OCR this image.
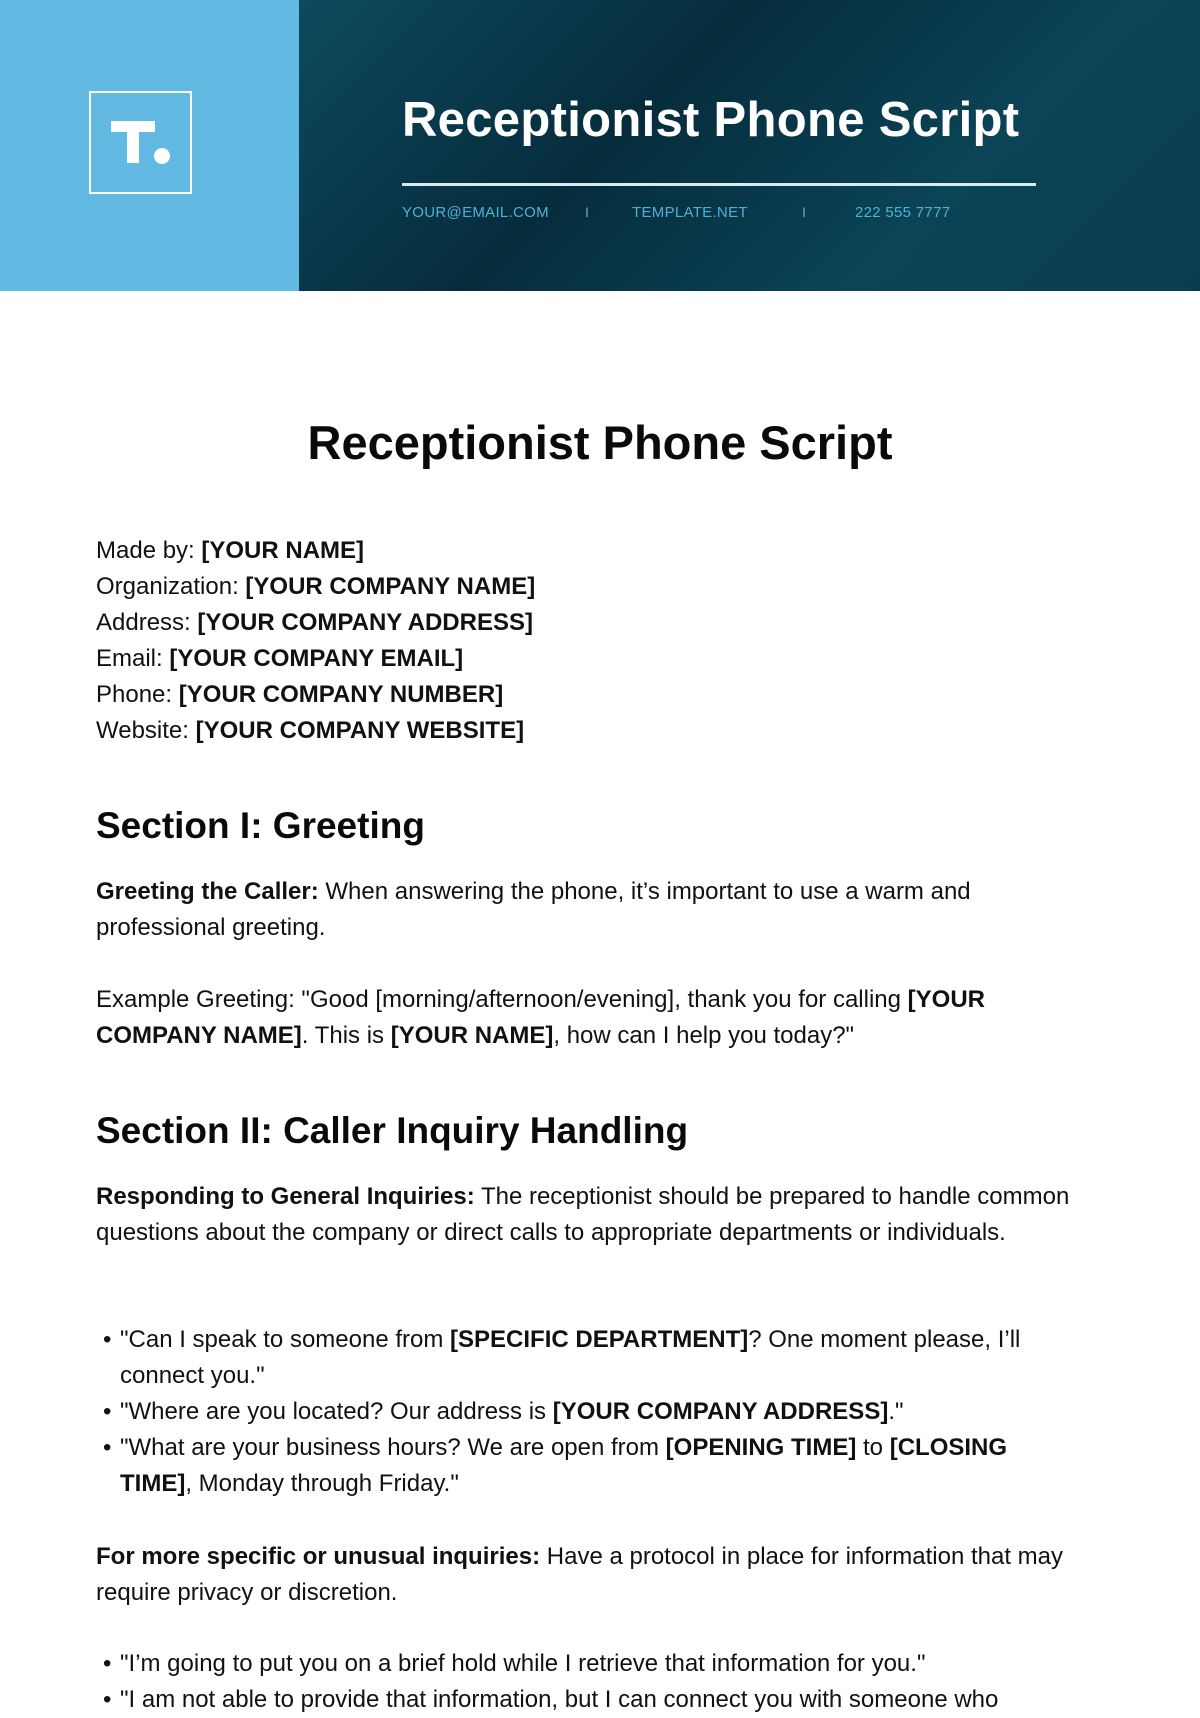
Receptionist Phone Script
YOUR@EMAIL.COM	I	TEMPLATE.NET	I	222 555 7777
Receptionist Phone Script
Made by: [YOUR NAME]
Organization: [YOUR COMPANY NAME]
Address: [YOUR COMPANY ADDRESS]
Email: [YOUR COMPANY EMAIL]
Phone: [YOUR COMPANY NUMBER]
Website: [YOUR COMPANY WEBSITE]
Section I: Greeting

Greeting the Caller: When answering the phone, it’s important to use a warm and professional greeting.

Example Greeting: "Good [morning/afternoon/evening], thank you for calling [YOUR COMPANY NAME]. This is [YOUR NAME], how can I help you today?"

Section II: Caller Inquiry Handling

Responding to General Inquiries: The receptionist should be prepared to handle common questions about the company or direct calls to appropriate departments or individuals.

• "Can I speak to someone from [SPECIFIC DEPARTMENT]? One moment please, I’ll connect you."
• "Where are you located? Our address is [YOUR COMPANY ADDRESS]."
• "What are your business hours? We are open from [OPENING TIME] to [CLOSING TIME], Monday through Friday."

For more specific or unusual inquiries: Have a protocol in place for information that may require privacy or discretion.

• "I’m going to put you on a brief hold while I retrieve that information for you."
• "I am not able to provide that information, but I can connect you with someone who
